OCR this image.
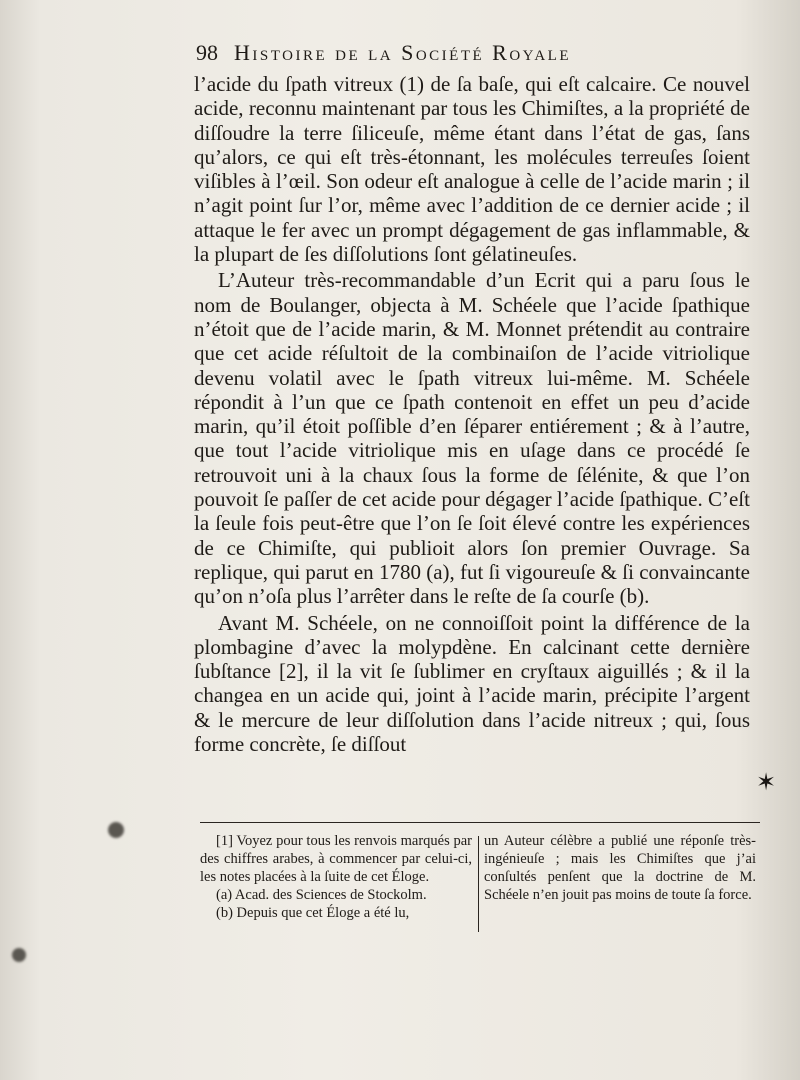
98 Histoire de la Société Royale

l’acide du ſpath vitreux (1) de ſa baſe, qui eſt calcaire. Ce nouvel acide, reconnu maintenant par tous les Chimiſtes, a la propriété de diſſoudre la terre ſiliceuſe, même étant dans l’état de gas, ſans qu’alors, ce qui eſt très-étonnant, les molécules terreuſes ſoient viſibles à l’œil. Son odeur eſt analogue à celle de l’acide marin ; il n’agit point ſur l’or, même avec l’addition de ce dernier acide ; il attaque le fer avec un prompt dégagement de gas inflammable, & la plupart de ſes diſſolutions ſont gélatineuſes.

L’Auteur très-recommandable d’un Ecrit qui a paru ſous le nom de Boulanger, objecta à M. Schéele que l’acide ſpathique n’étoit que de l’acide marin, & M. Monnet prétendit au contraire que cet acide réſultoit de la combinaiſon de l’acide vitriolique devenu volatil avec le ſpath vitreux lui-même. M. Schéele répondit à l’un que ce ſpath contenoit en effet un peu d’acide marin, qu’il étoit poſſible d’en ſéparer entiérement ; & à l’autre, que tout l’acide vitriolique mis en uſage dans ce procédé ſe retrouvoit uni à la chaux ſous la forme de ſélénite, & que l’on pouvoit ſe paſſer de cet acide pour dégager l’acide ſpathique. C’eſt la ſeule fois peut-être que l’on ſe ſoit élevé contre les expériences de ce Chimiſte, qui publioit alors ſon premier Ouvrage. Sa replique, qui parut en 1780 (a), fut ſi vigoureuſe & ſi convaincante qu’on n’oſa plus l’arrêter dans le reſte de ſa courſe (b).

Avant M. Schéele, on ne connoiſſoit point la différence de la plombagine d’avec la molypdène. En calcinant cette dernière ſubſtance [2], il la vit ſe ſublimer en cryſtaux aiguillés ; & il la changea en un acide qui, joint à l’acide marin, précipite l’argent & le mercure de leur diſſolution dans l’acide nitreux ; qui, ſous forme concrète, ſe diſſout

✶

[1] Voyez pour tous les renvois marqués par des chiffres arabes, à commencer par celui-ci, les notes placées à la ſuite de cet Éloge.

(a) Acad. des Sciences de Stockolm.

(b) Depuis que cet Éloge a été lu,

un Auteur célèbre a publié une réponſe très-ingénieuſe ; mais les Chimiſtes que j’ai conſultés penſent que la doctrine de M. Schéele n’en jouit pas moins de toute ſa force.
